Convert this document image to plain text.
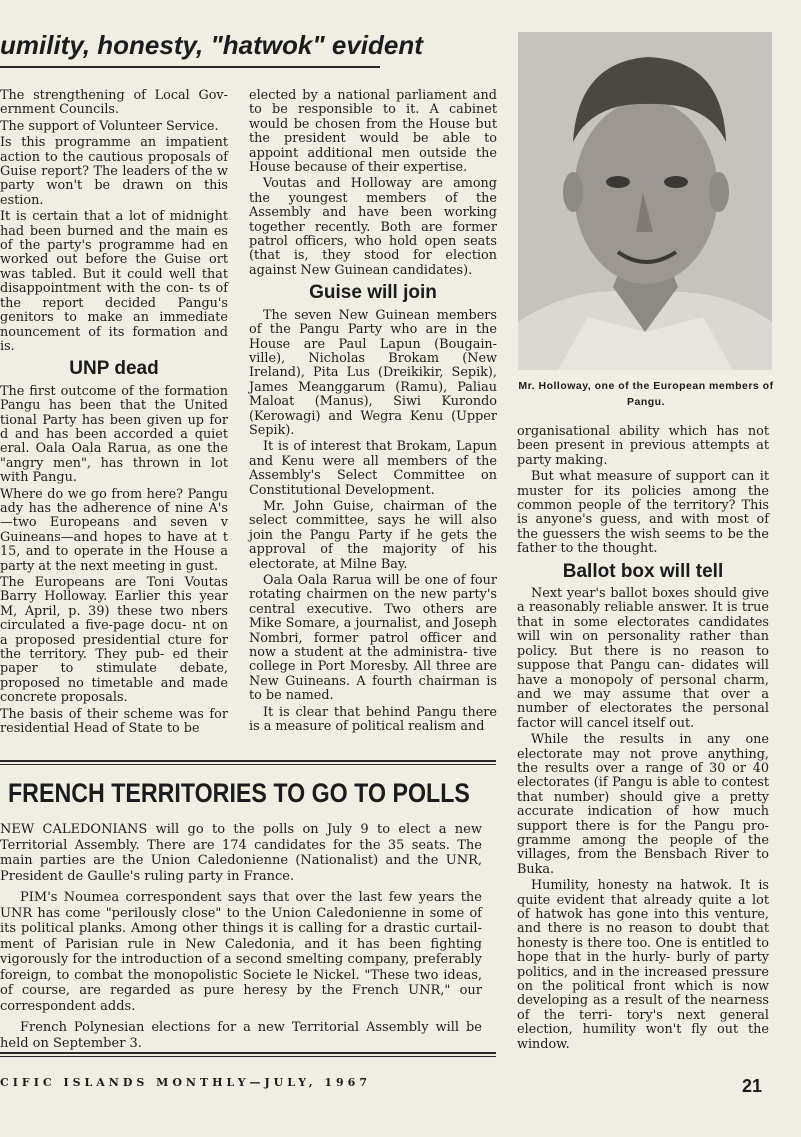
umility, honesty, "hatwok" evident

The strengthening of Local Gov- ernment Councils.

The support of Volunteer Service.

Is this programme an impatient action to the cautious proposals of Guise report? The leaders of the w party won't be drawn on this estion.

It is certain that a lot of midnight had been burned and the main es of the party's programme had en worked out before the Guise ort was tabled. But it could well that disappointment with the con- ts of the report decided Pangu's genitors to make an immediate nouncement of its formation and is.

UNP dead

The first outcome of the formation Pangu has been that the United tional Party has been given up for d and has been accorded a quiet eral. Oala Oala Rarua, as one the "angry men", has thrown in lot with Pangu.

Where do we go from here? Pangu ady has the adherence of nine A's—two Europeans and seven v Guineans—and hopes to have at t 15, and to operate in the House a party at the next meeting in gust.

The Europeans are Toni Voutas Barry Holloway. Earlier this year M, April, p. 39) these two nbers circulated a five-page docu- nt on a proposed presidential cture for the territory. They pub- ed their paper to stimulate debate, proposed no timetable and made concrete proposals.

The basis of their scheme was for residential Head of State to be

elected by a national parliament and to be responsible to it. A cabinet would be chosen from the House but the president would be able to appoint additional men outside the House because of their expertise.

Voutas and Holloway are among the youngest members of the Assembly and have been working together recently. Both are former patrol officers, who hold open seats (that is, they stood for election against New Guinean candidates).

Guise will join

The seven New Guinean members of the Pangu Party who are in the House are Paul Lapun (Bougain- ville), Nicholas Brokam (New Ireland), Pita Lus (Dreikikir, Sepik), James Meanggarum (Ramu), Paliau Maloat (Manus), Siwi Kurondo (Kerowagi) and Wegra Kenu (Upper Sepik).

It is of interest that Brokam, Lapun and Kenu were all members of the Assembly's Select Committee on Constitutional Development.

Mr. John Guise, chairman of the select committee, says he will also join the Pangu Party if he gets the approval of the majority of his electorate, at Milne Bay.

Oala Oala Rarua will be one of four rotating chairmen on the new party's central executive. Two others are Mike Somare, a journalist, and Joseph Nombri, former patrol officer and now a student at the administra- tive college in Port Moresby. All three are New Guineans. A fourth chairman is to be named.

It is clear that behind Pangu there is a measure of political realism and

Mr. Holloway, one of the European members of Pangu.

organisational ability which has not been present in previous attempts at party making.

But what measure of support can it muster for its policies among the common people of the territory? This is anyone's guess, and with most of the guessers the wish seems to be the father to the thought.

Ballot box will tell

Next year's ballot boxes should give a reasonably reliable answer. It is true that in some electorates candidates will win on personality rather than policy. But there is no reason to suppose that Pangu can- didates will have a monopoly of personal charm, and we may assume that over a number of electorates the personal factor will cancel itself out.

While the results in any one electorate may not prove anything, the results over a range of 30 or 40 electorates (if Pangu is able to contest that number) should give a pretty accurate indication of how much support there is for the Pangu pro- gramme among the people of the villages, from the Bensbach River to Buka.

Humility, honesty na hatwok. It is quite evident that already quite a lot of hatwok has gone into this venture, and there is no reason to doubt that honesty is there too. One is entitled to hope that in the hurly- burly of party politics, and in the increased pressure on the political front which is now developing as a result of the nearness of the terri- tory's next general election, humility won't fly out the window.

FRENCH TERRITORIES TO GO TO POLLS

NEW CALEDONIANS will go to the polls on July 9 to elect a new Territorial Assembly. There are 174 candidates for the 35 seats. The main parties are the Union Caledonienne (Nationalist) and the UNR, President de Gaulle's ruling party in France.

PIM's Noumea correspondent says that over the last few years the UNR has come "perilously close" to the Union Caledonienne in some of its political planks. Among other things it is calling for a drastic curtail- ment of Parisian rule in New Caledonia, and it has been fighting vigorously for the introduction of a second smelting company, preferably foreign, to combat the monopolistic Societe le Nickel. "These two ideas, of course, are regarded as pure heresy by the French UNR," our correspondent adds.

French Polynesian elections for a new Territorial Assembly will be held on September 3.

CIFIC ISLANDS MONTHLY—JULY, 1967	21
